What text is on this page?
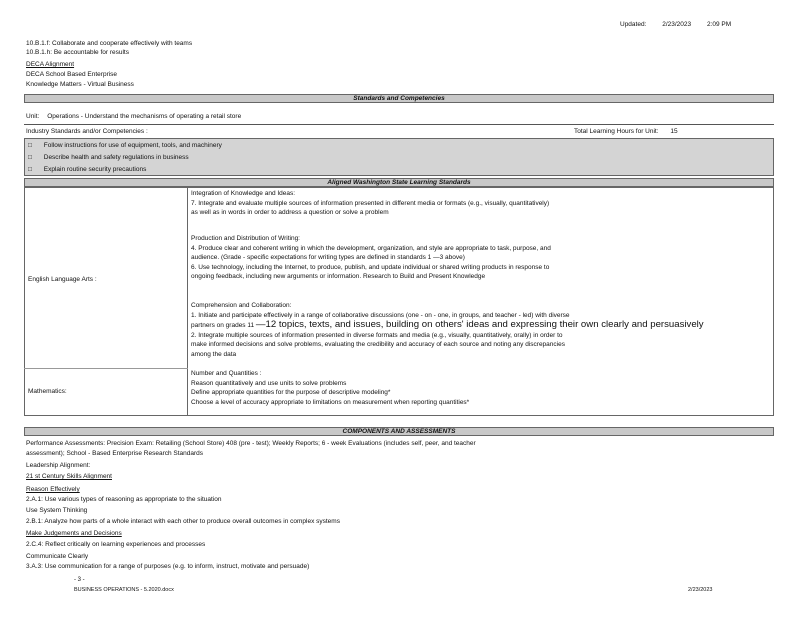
Updated: 2/23/2023 2:09 PM
10.B.1.f: Collaborate and cooperate effectively with teams
10.B.1.h: Be accountable for results
DECA Alignment
DECA School Based Enterprise
Knowledge Matters - Virtual Business
Standards and Competencies
Unit: Operations - Understand the mechanisms of operating a retail store
Industry Standards and/or Competencies :	Total Learning Hours for Unit: 15
□ Follow instructions for use of equipment, tools, and machinery
□ Describe health and safety regulations in business
□ Explain routine security precautions
Aligned Washington State Learning Standards
English Language Arts :
Mathematics:
Integration of Knowledge and Ideas:
7. Integrate and evaluate multiple sources of information presented in different media or formats (e.g., visually, quantitatively)
as well as in words in order to address a question or solve a problem
Production and Distribution of Writing:
4. Produce clear and coherent writing in which the development, organization, and style are appropriate to task, purpose, and
audience. (Grade - specific expectations for writing types are defined in standards 1 —3 above)
6. Use technology, including the Internet, to produce, publish, and update individual or shared writing products in response to
ongoing feedback, including new arguments or information. Research to Build and Present Knowledge
Comprehension and Collaboration:
1. Initiate and participate effectively in a range of collaborative discussions (one - on - one, in groups, and teacher - led) with diverse
partners on grades 11 —12 topics, texts, and issues, building on others' ideas and expressing their own clearly and persuasively
2. Integrate multiple sources of information presented in diverse formats and media (e.g., visually, quantitatively, orally) in order to
make informed decisions and solve problems, evaluating the credibility and accuracy of each source and noting any discrepancies
among the data
Number and Quantities :
Reason quantitatively and use units to solve problems
Define appropriate quantities for the purpose of descriptive modeling*
Choose a level of accuracy appropriate to limitations on measurement when reporting quantities*
COMPONENTS AND ASSESSMENTS
Performance Assessments: Precision Exam: Retailing (School Store) 408 (pre - test); Weekly Reports; 6 - week Evaluations (includes self, peer, and teacher
assessment); School - Based Enterprise Research Standards
Leadership Alignment:
21 st Century Skills Alignment
Reason Effectively
2.A.1: Use various types of reasoning as appropriate to the situation
Use System Thinking
2.B.1: Analyze how parts of a whole interact with each other to produce overall outcomes in complex systems
Make Judgements and Decisions
2.C.4: Reflect critically on learning experiences and processes
Communicate Clearly
3.A.3: Use communication for a range of purposes (e.g. to inform, instruct, motivate and persuade)
- 3 -
BUSINESS OPERATIONS - 5.2020.docx	2/23/2023
